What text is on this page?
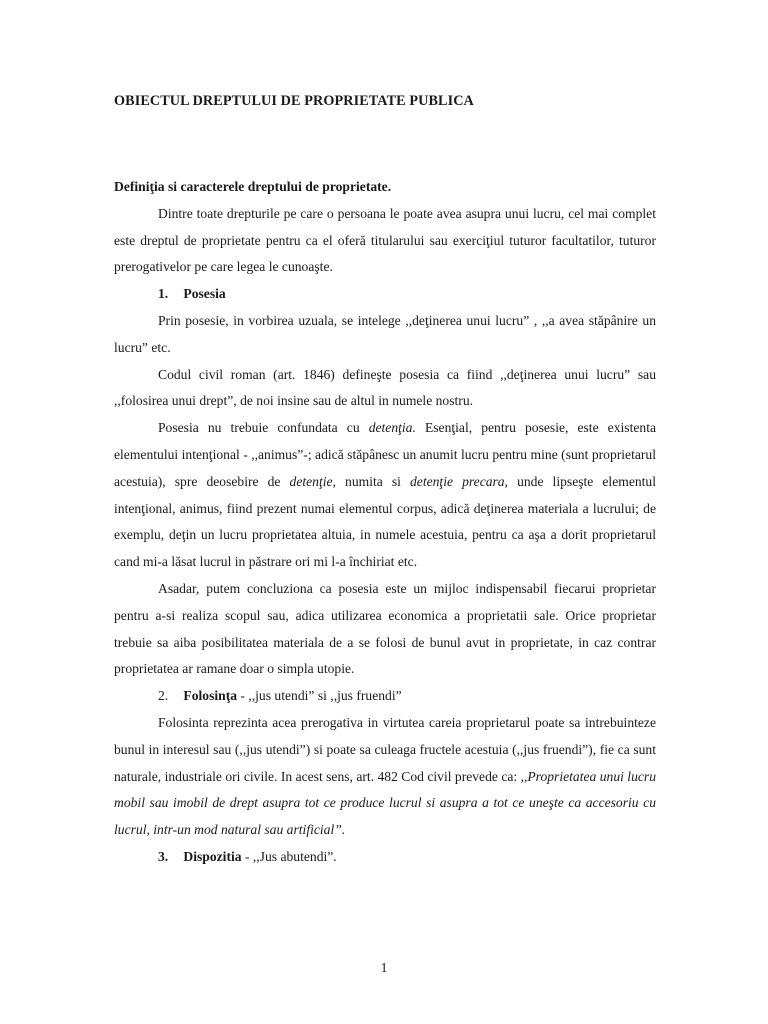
OBIECTUL DREPTULUI DE PROPRIETATE PUBLICA

Definiţia si caracterele dreptului de proprietate.

Dintre toate drepturile pe care o persoana le poate avea asupra unui lucru, cel mai complet este dreptul de proprietate pentru ca el oferă titularului sau exerciţiul tuturor facultatilor, tuturor prerogativelor pe care legea le cunoaşte.

1. Posesia

Prin posesie, in vorbirea uzuala, se intelege ,,deţinerea unui lucru” , ,,a avea stăpânire un lucru” etc.

Codul civil roman (art. 1846) defineşte posesia ca fiind ,,deţinerea unui lucru” sau ,,folosirea unui drept”, de noi insine sau de altul in numele nostru.

Posesia nu trebuie confundata cu detenţia. Esenţial, pentru posesie, este existenta elementului intenţional - ,,animus”-; adică stăpânesc un anumit lucru pentru mine (sunt proprietarul acestuia), spre deosebire de detenţie, numita si detenţie precara, unde lipseşte elementul intenţional, animus, fiind prezent numai elementul corpus, adică deţinerea materiala a lucrului; de exemplu, deţin un lucru proprietatea altuia, in numele acestuia, pentru ca aşa a dorit proprietarul cand mi-a lăsat lucrul in păstrare ori mi l-a închiriat etc.

Asadar, putem concluziona ca posesia este un mijloc indispensabil fiecarui proprietar pentru a-si realiza scopul sau, adica utilizarea economica a proprietatii sale. Orice proprietar trebuie sa aiba posibilitatea materiala de a se folosi de bunul avut in proprietate, in caz contrar proprietatea ar ramane doar o simpla utopie.

2. Folosinţa - ,,jus utendi” si ,,jus fruendi”

Folosinta reprezinta acea prerogativa in virtutea careia proprietarul poate sa intrebuinteze bunul in interesul sau (,,jus utendi”) si poate sa culeaga fructele acestuia (,,jus fruendi”), fie ca sunt naturale, industriale ori civile. In acest sens, art. 482 Cod civil prevede ca: ,,Proprietatea unui lucru mobil sau imobil de drept asupra tot ce produce lucrul si asupra a tot ce uneşte ca accesoriu cu lucrul, intr-un mod natural sau artificial”.

3. Dispozitia - ,,Jus abutendi”.

1
